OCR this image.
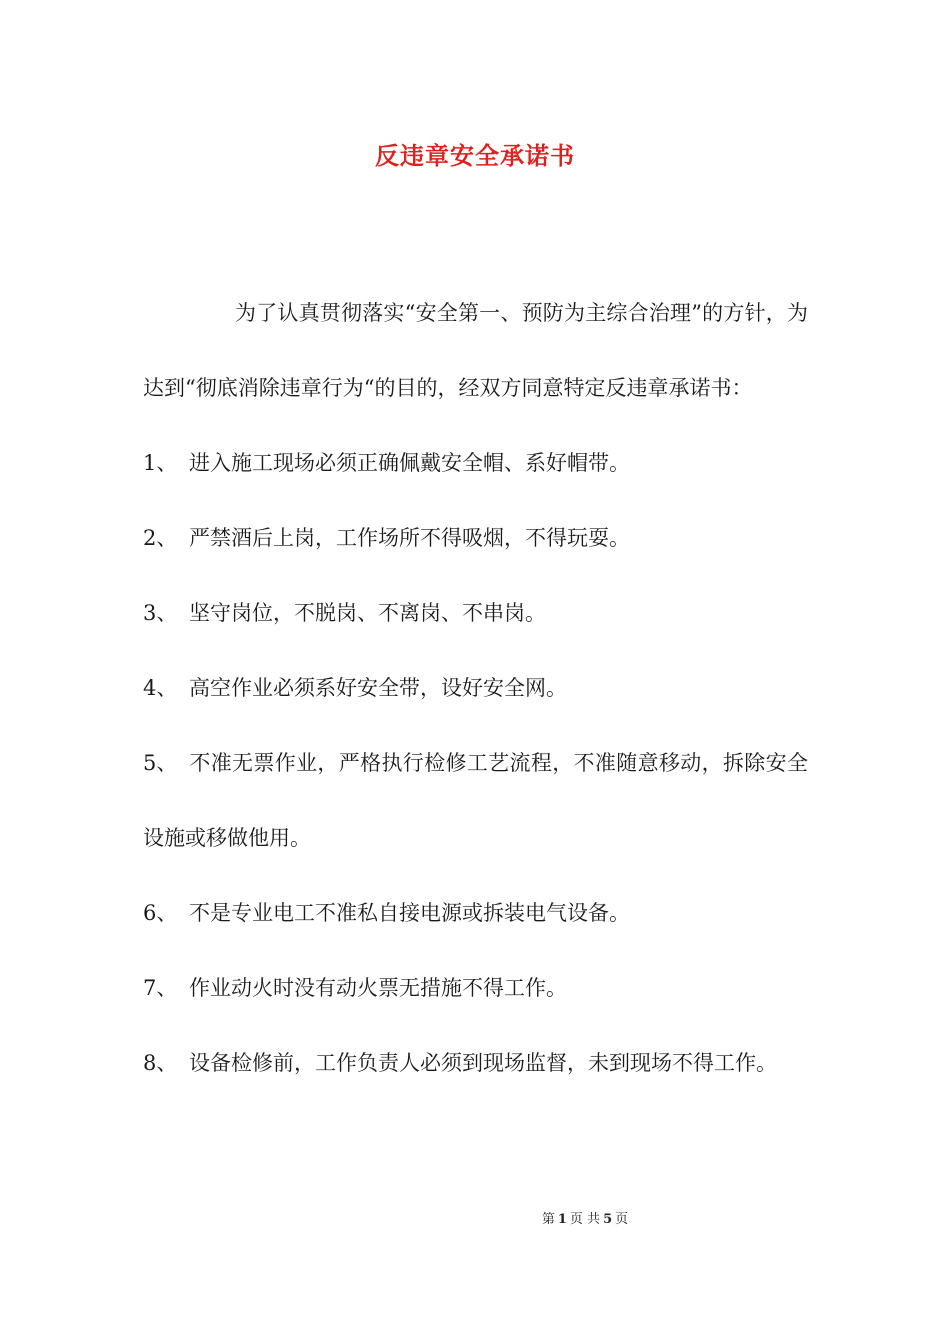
反违章安全承诺书

为了认真贯彻落实“安全第一、预防为主综合治理”的方针，为达到“彻底消除违章行为“的目的，经双方同意特定反违章承诺书：

1、 进入施工现场必须正确佩戴安全帽、系好帽带。

2、 严禁酒后上岗，工作场所不得吸烟，不得玩耍。

3、 坚守岗位，不脱岗、不离岗、不串岗。

4、 高空作业必须系好安全带，设好安全网。

5、 不准无票作业，严格执行检修工艺流程，不准随意移动，拆除安全设施或移做他用。

6、 不是专业电工不准私自接电源或拆装电气设备。

7、 作业动火时没有动火票无措施不得工作。

8、 设备检修前，工作负责人必须到现场监督，未到现场不得工作。

第 1 页 共 5 页
